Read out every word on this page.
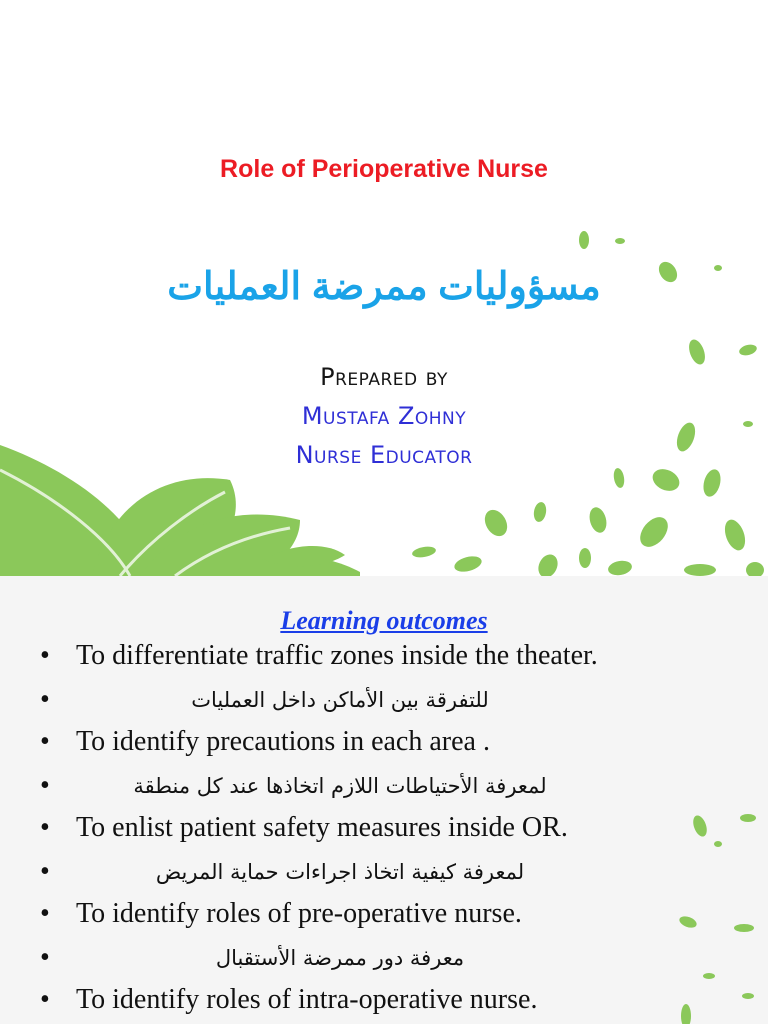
Role of Perioperative Nurse
مسؤوليات ممرضة العمليات
Prepared by
Mustafa Zohny
Nurse Educator
Learning outcomes
• To differentiate traffic zones inside the theater.
•	للتفرقة بين الأماكن داخل العمليات
• To identify precautions in each area .
•	لمعرفة الأحتياطات اللازم اتخاذها عند كل منطقة
• To enlist patient safety measures inside OR.
•	لمعرفة كيفية اتخاذ اجراءات حماية المريض
• To identify roles of pre-operative nurse.
•	معرفة دور ممرضة الأستقبال
• To identify roles of intra-operative nurse.
